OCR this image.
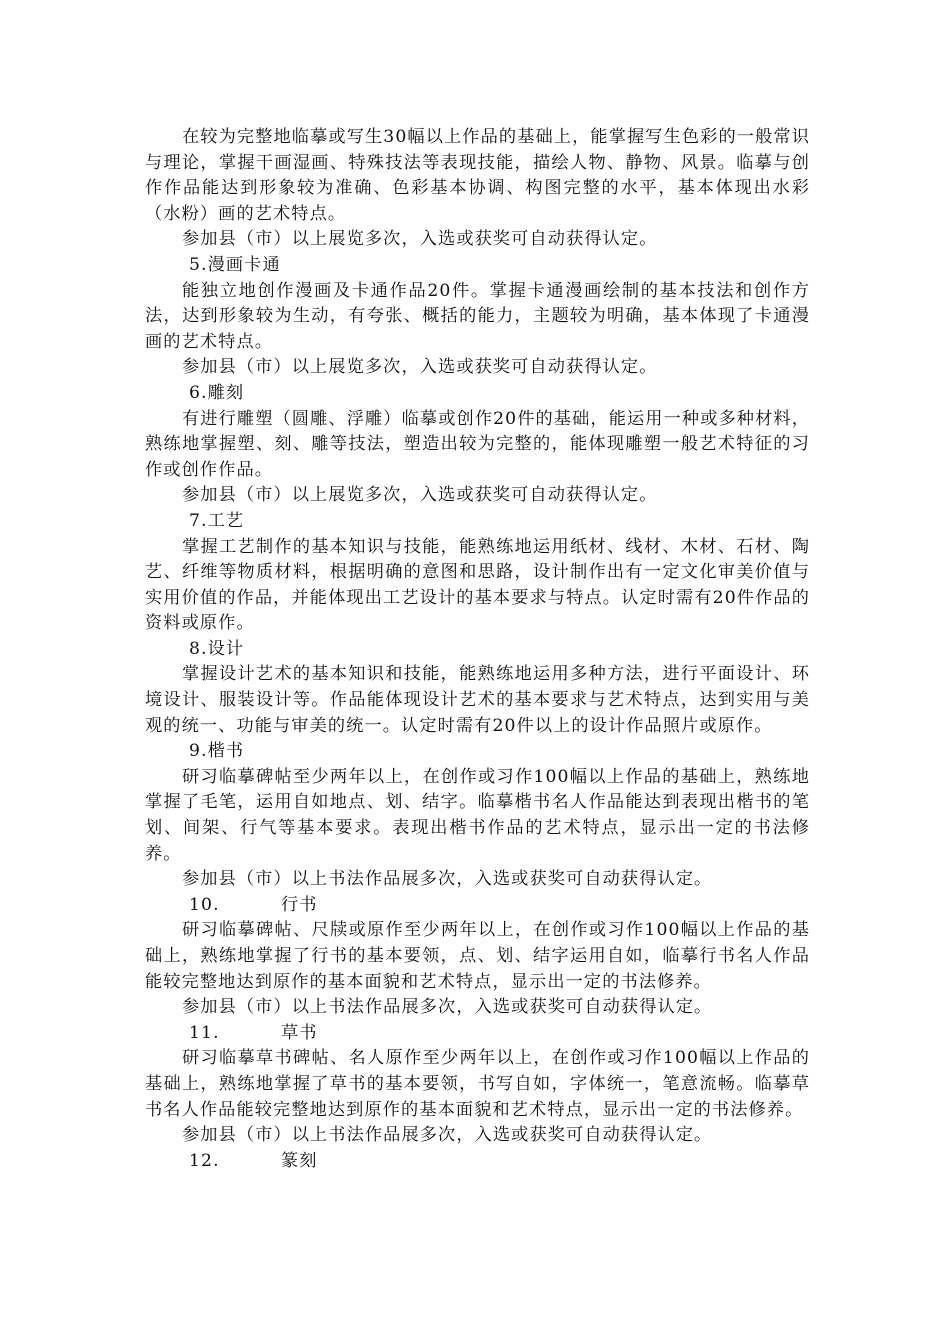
在较为完整地临摹或写生30幅以上作品的基础上，能掌握写生色彩的一般常识与理论，掌握干画湿画、特殊技法等表现技能，描绘人物、静物、风景。临摹与创作作品能达到形象较为准确、色彩基本协调、构图完整的水平，基本体现出水彩（水粉）画的艺术特点。

参加县（市）以上展览多次，入选或获奖可自动获得认定。

5.漫画卡通

能独立地创作漫画及卡通作品20件。掌握卡通漫画绘制的基本技法和创作方法，达到形象较为生动，有夸张、概括的能力，主题较为明确，基本体现了卡通漫画的艺术特点。

参加县（市）以上展览多次，入选或获奖可自动获得认定。

6.雕刻

有进行雕塑（圆雕、浮雕）临摹或创作20件的基础，能运用一种或多种材料，熟练地掌握塑、刻、雕等技法，塑造出较为完整的，能体现雕塑一般艺术特征的习作或创作作品。

参加县（市）以上展览多次，入选或获奖可自动获得认定。

7.工艺

掌握工艺制作的基本知识与技能，能熟练地运用纸材、线材、木材、石材、陶艺、纤维等物质材料，根据明确的意图和思路，设计制作出有一定文化审美价值与实用价值的作品，并能体现出工艺设计的基本要求与特点。认定时需有20件作品的资料或原作。

8.设计

掌握设计艺术的基本知识和技能，能熟练地运用多种方法，进行平面设计、环境设计、服装设计等。作品能体现设计艺术的基本要求与艺术特点，达到实用与美观的统一、功能与审美的统一。认定时需有20件以上的设计作品照片或原作。

9.楷书

研习临摹碑帖至少两年以上，在创作或习作100幅以上作品的基础上，熟练地掌握了毛笔，运用自如地点、划、结字。临摹楷书名人作品能达到表现出楷书的笔划、间架、行气等基本要求。表现出楷书作品的艺术特点，显示出一定的书法修养。

参加县（市）以上书法作品展多次，入选或获奖可自动获得认定。

10.	行书

研习临摹碑帖、尺牍或原作至少两年以上，在创作或习作100幅以上作品的基础上，熟练地掌握了行书的基本要领，点、划、结字运用自如，临摹行书名人作品能较完整地达到原作的基本面貌和艺术特点，显示出一定的书法修养。

参加县（市）以上书法作品展多次，入选或获奖可自动获得认定。

11.	草书

研习临摹草书碑帖、名人原作至少两年以上，在创作或习作100幅以上作品的基础上，熟练地掌握了草书的基本要领，书写自如，字体统一，笔意流畅。临摹草书名人作品能较完整地达到原作的基本面貌和艺术特点，显示出一定的书法修养。

参加县（市）以上书法作品展多次，入选或获奖可自动获得认定。

12.	篆刻
